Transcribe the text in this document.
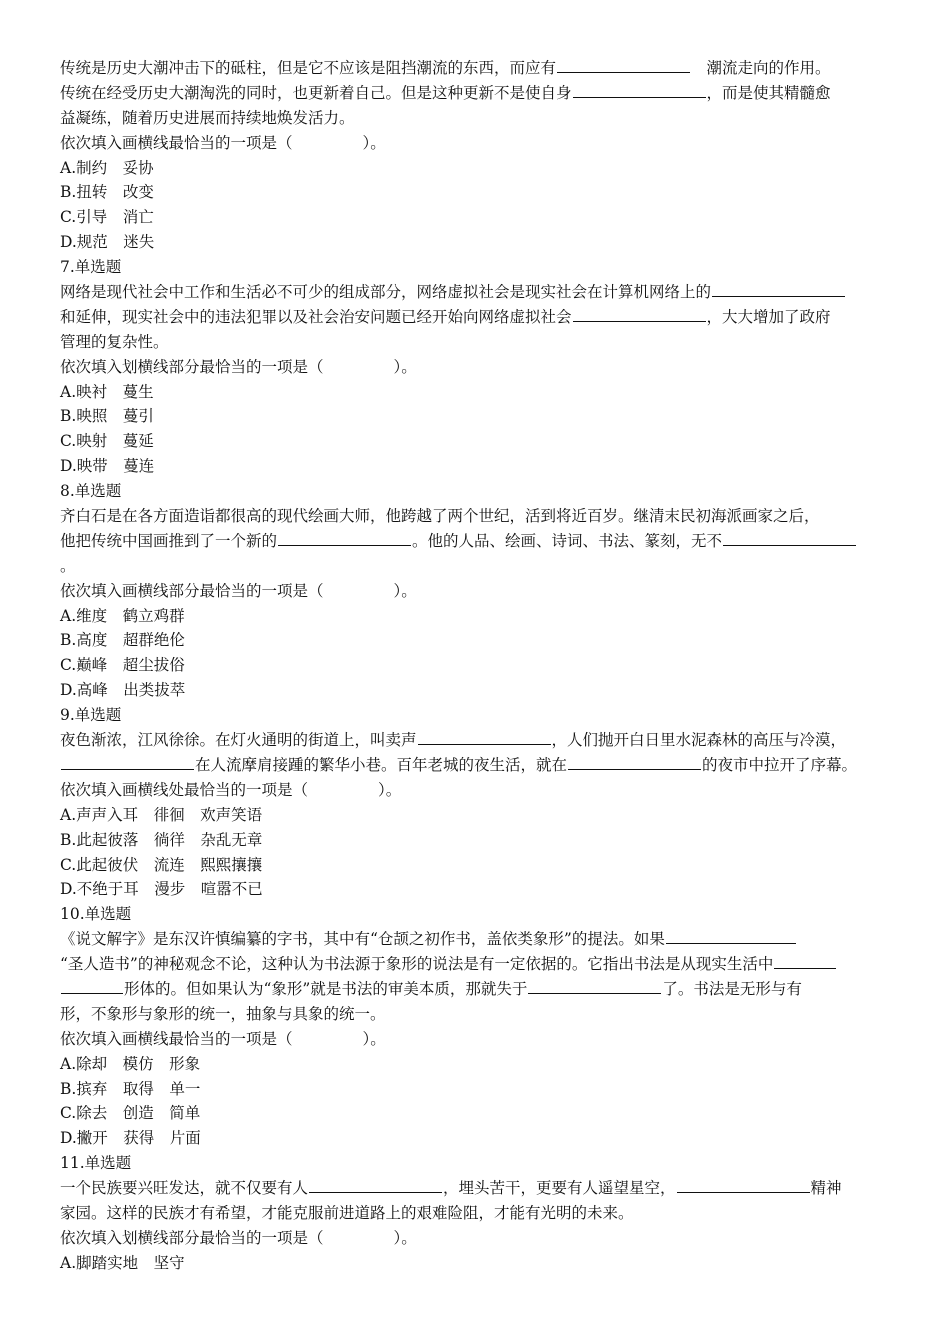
传统是历史大潮冲击下的砥柱，但是它不应该是阻挡潮流的东西，而应有　	潮流走向的作用。
传统在经受历史大潮淘洗的同时，也更新着自己。但是这种更新不是使自身	，而是使其精髓愈
益凝练，随着历史进展而持续地焕发活力。
依次填入画横线最恰当的一项是（	）。
A.制约　妥协
B.扭转　改变
C.引导　消亡
D.规范　迷失
7.单选题
网络是现代社会中工作和生活必不可少的组成部分，网络虚拟社会是现实社会在计算机网络上的
和延伸，现实社会中的违法犯罪以及社会治安问题已经开始向网络虚拟社会	，大大增加了政府
管理的复杂性。
依次填入划横线部分最恰当的一项是（	）。
A.映衬　蔓生
B.映照　蔓引
C.映射　蔓延
D.映带　蔓连
8.单选题
齐白石是在各方面造诣都很高的现代绘画大师，他跨越了两个世纪，活到将近百岁。继清末民初海派画家之后，
他把传统中国画推到了一个新的	。他的人品、绘画、诗词、书法、篆刻，无不
。
依次填入画横线部分最恰当的一项是（	）。
A.维度　鹤立鸡群
B.高度　超群绝伦
C.巅峰　超尘拔俗
D.高峰　出类拔萃
9.单选题
夜色渐浓，江风徐徐。在灯火通明的街道上，叫卖声	，人们抛开白日里水泥森林的高压与冷漠，
在人流摩肩接踵的繁华小巷。百年老城的夜生活，就在	的夜市中拉开了序幕。
依次填入画横线处最恰当的一项是（	）。
A.声声入耳　徘徊　欢声笑语
B.此起彼落　徜徉　杂乱无章
C.此起彼伏　流连　熙熙攘攘
D.不绝于耳　漫步　喧嚣不已
10.单选题
《说文解字》是东汉许慎编纂的字书，其中有“仓颉之初作书，盖依类象形”的提法。如果
“圣人造书”的神秘观念不论，这种认为书法源于象形的说法是有一定依据的。它指出书法是从现实生活中
形体的。但如果认为“象形”就是书法的审美本质，那就失于	了。书法是无形与有
形，不象形与象形的统一，抽象与具象的统一。
依次填入画横线最恰当的一项是（	）。
A.除却　模仿　形象
B.摈弃　取得　单一
C.除去　创造　简单
D.撇开　获得　片面
11.单选题
一个民族要兴旺发达，就不仅要有人	，埋头苦干，更要有人遥望星空，	精神
家园。这样的民族才有希望，才能克服前进道路上的艰难险阻，才能有光明的未来。
依次填入划横线部分最恰当的一项是（	）。
A.脚踏实地　坚守
